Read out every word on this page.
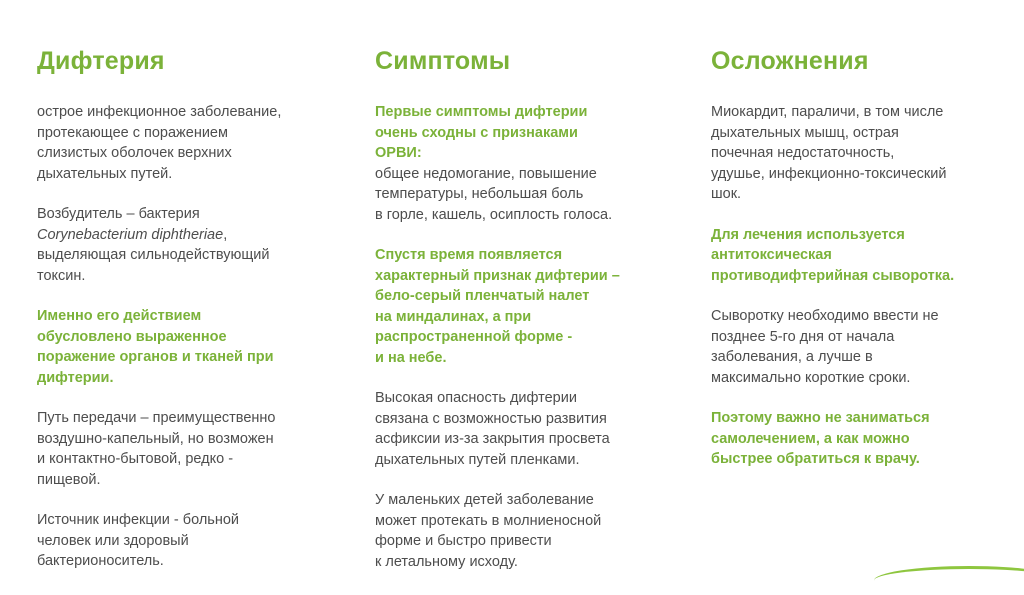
Дифтерия

острое инфекционное заболевание,
протекающее с поражением
слизистых оболочек верхних
дыхательных путей.

Возбудитель – бактерия
Corynebacterium diphtheriae,
выделяющая сильнодействующий
токсин.

Именно его действием
обусловлено выраженное
поражение органов и тканей при
дифтерии.

Путь передачи – преимущественно
воздушно-капельный, но возможен
и контактно-бытовой, редко -
пищевой.

Источник инфекции - больной
человек или здоровый
бактерионоситель.

Симптомы

Первые симптомы дифтерии
очень сходны с признаками
ОРВИ:
общее недомогание, повышение
температуры, небольшая боль
в горле, кашель, осиплость голоса.

Спустя время появляется
характерный признак дифтерии –
бело-серый пленчатый налет
на миндалинах, а при
распространенной форме -
и на небе.

Высокая опасность дифтерии
связана с возможностью развития
асфиксии из-за закрытия просвета
дыхательных путей пленками.

У маленьких детей заболевание
может протекать в молниеносной
форме и быстро привести
к летальному исходу.

Осложнения

Миокардит, параличи, в том числе
дыхательных мышц, острая
почечная недостаточность,
удушье, инфекционно-токсический
шок.

Для лечения используется
антитоксическая
противодифтерийная сыворотка.

Сыворотку необходимо ввести не
позднее 5-го дня от начала
заболевания, а лучше в
максимально короткие сроки.

Поэтому важно не заниматься
самолечением, а как можно
быстрее обратиться к врачу.
